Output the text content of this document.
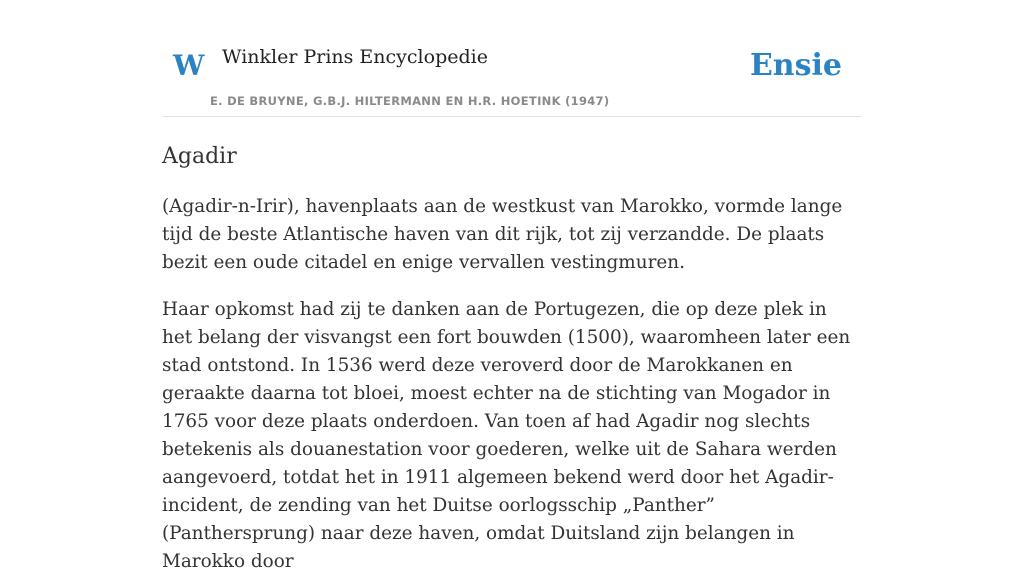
W Winkler Prins Encyclopedie
E. DE BRUYNE, G.B.J. HILTERMANN EN H.R. HOETINK (1947)
Ensie
Agadir

(Agadir-n-Irir), havenplaats aan de westkust van Marokko, vormde lange tijd de beste Atlantische haven van dit rijk, tot zij verzandde. De plaats bezit een oude citadel en enige vervallen vestingmuren.

Haar opkomst had zij te danken aan de Portugezen, die op deze plek in het belang der visvangst een fort bouwden (1500), waaromheen later een stad ontstond. In 1536 werd deze veroverd door de Marokkanen en geraakte daarna tot bloei, moest echter na de stichting van Mogador in 1765 voor deze plaats onderdoen. Van toen af had Agadir nog slechts betekenis als douanestation voor goederen, welke uit de Sahara werden aangevoerd, totdat het in 1911 algemeen bekend werd door het Agadir-incident, de zending van het Duitse oorlogsschip „Panther” (Panthersprung) naar deze haven, omdat Duitsland zijn belangen in Marokko door
